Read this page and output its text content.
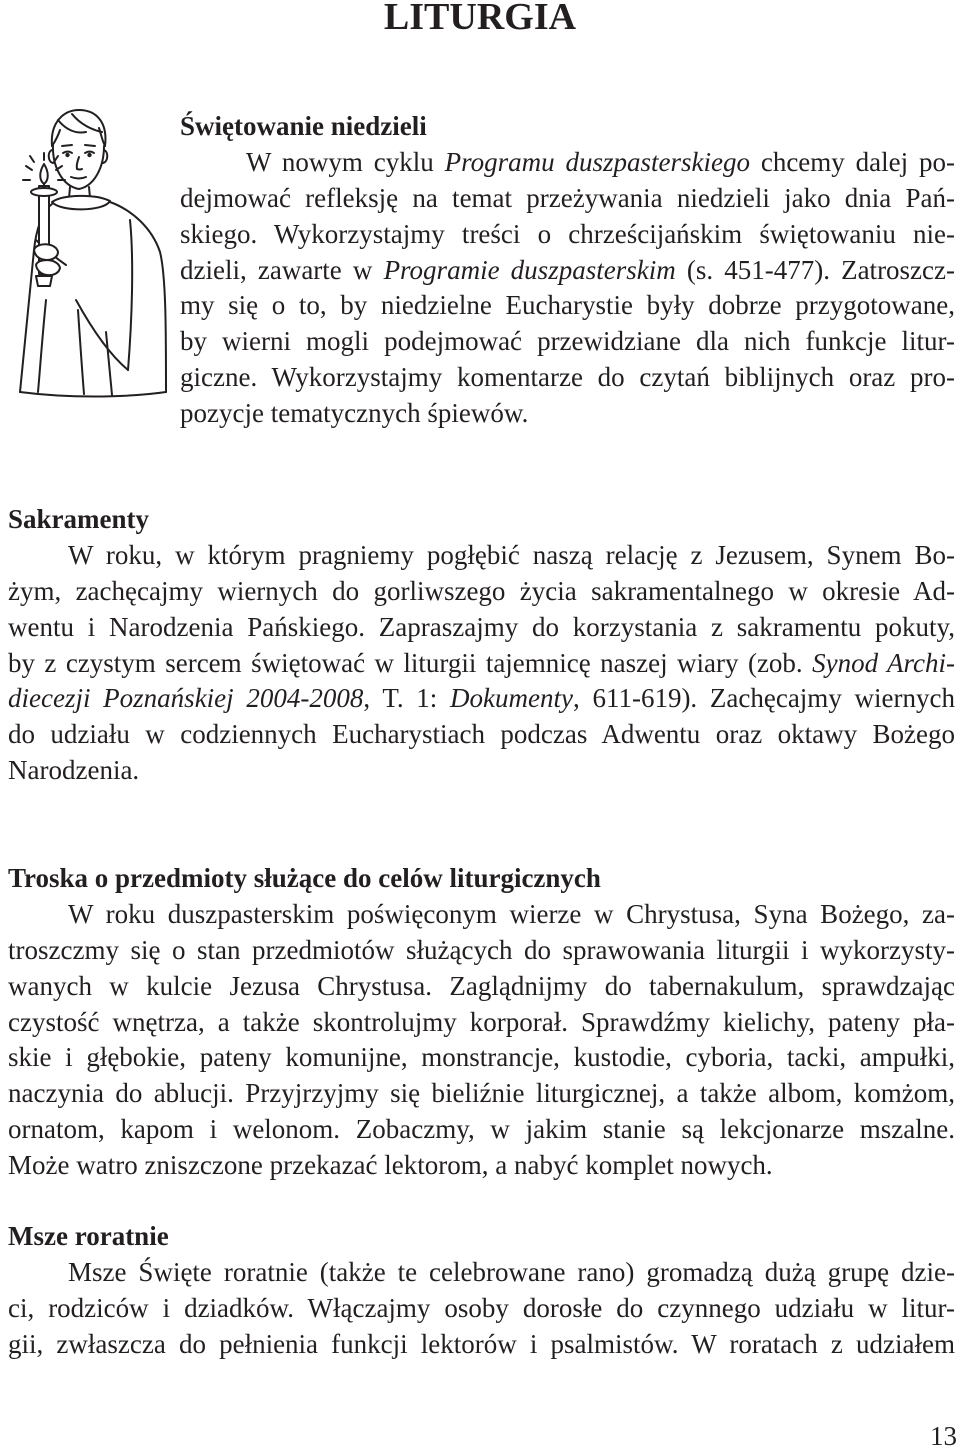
LITURGIA
Świętowanie niedzieli
W nowym cyklu Programu duszpasterskiego chcemy dalej po-
dejmować refleksję na temat przeżywania niedzieli jako dnia Pań-
skiego. Wykorzystajmy treści o chrześcijańskim świętowaniu nie-
dzieli, zawarte w Programie duszpasterskim (s. 451-477). Zatroszcz-
my się o to, by niedzielne Eucharystie były dobrze przygotowane,
by wierni mogli podejmować przewidziane dla nich funkcje litur-
giczne. Wykorzystajmy komentarze do czytań biblijnych oraz pro-
pozycje tematycznych śpiewów.
Sakramenty
W roku, w którym pragniemy pogłębić naszą relację z Jezusem, Synem Bo-
żym, zachęcajmy wiernych do gorliwszego życia sakramentalnego w okresie Ad-
wentu i Narodzenia Pańskiego. Zapraszajmy do korzystania z sakramentu pokuty,
by z czystym sercem świętować w liturgii tajemnicę naszej wiary (zob. Synod Archi-
diecezji Poznańskiej 2004-2008, T. 1: Dokumenty, 611-619). Zachęcajmy wiernych
do udziału w codziennych Eucharystiach podczas Adwentu oraz oktawy Bożego
Narodzenia.
Troska o przedmioty służące do celów liturgicznych
W roku duszpasterskim poświęconym wierze w Chrystusa, Syna Bożego, za-
troszczmy się o stan przedmiotów służących do sprawowania liturgii i wykorzysty-
wanych w kulcie Jezusa Chrystusa. Zaglądnijmy do tabernakulum, sprawdzając
czystość wnętrza, a także skontrolujmy korporał. Sprawdźmy kielichy, pateny pła-
skie i głębokie, pateny komunijne, monstrancje, kustodie, cyboria, tacki, ampułki,
naczynia do ablucji. Przyjrzyjmy się bieliźnie liturgicznej, a także albom, komżom,
ornatom, kapom i welonom. Zobaczmy, w jakim stanie są lekcjonarze mszalne.
Może watro zniszczone przekazać lektorom, a nabyć komplet nowych.
Msze roratnie
Msze Święte roratnie (także te celebrowane rano) gromadzą dużą grupę dzie-
ci, rodziców i dziadków. Włączajmy osoby dorosłe do czynnego udziału w litur-
gii, zwłaszcza do pełnienia funkcji lektorów i psalmistów. W roratach z udziałem
13
